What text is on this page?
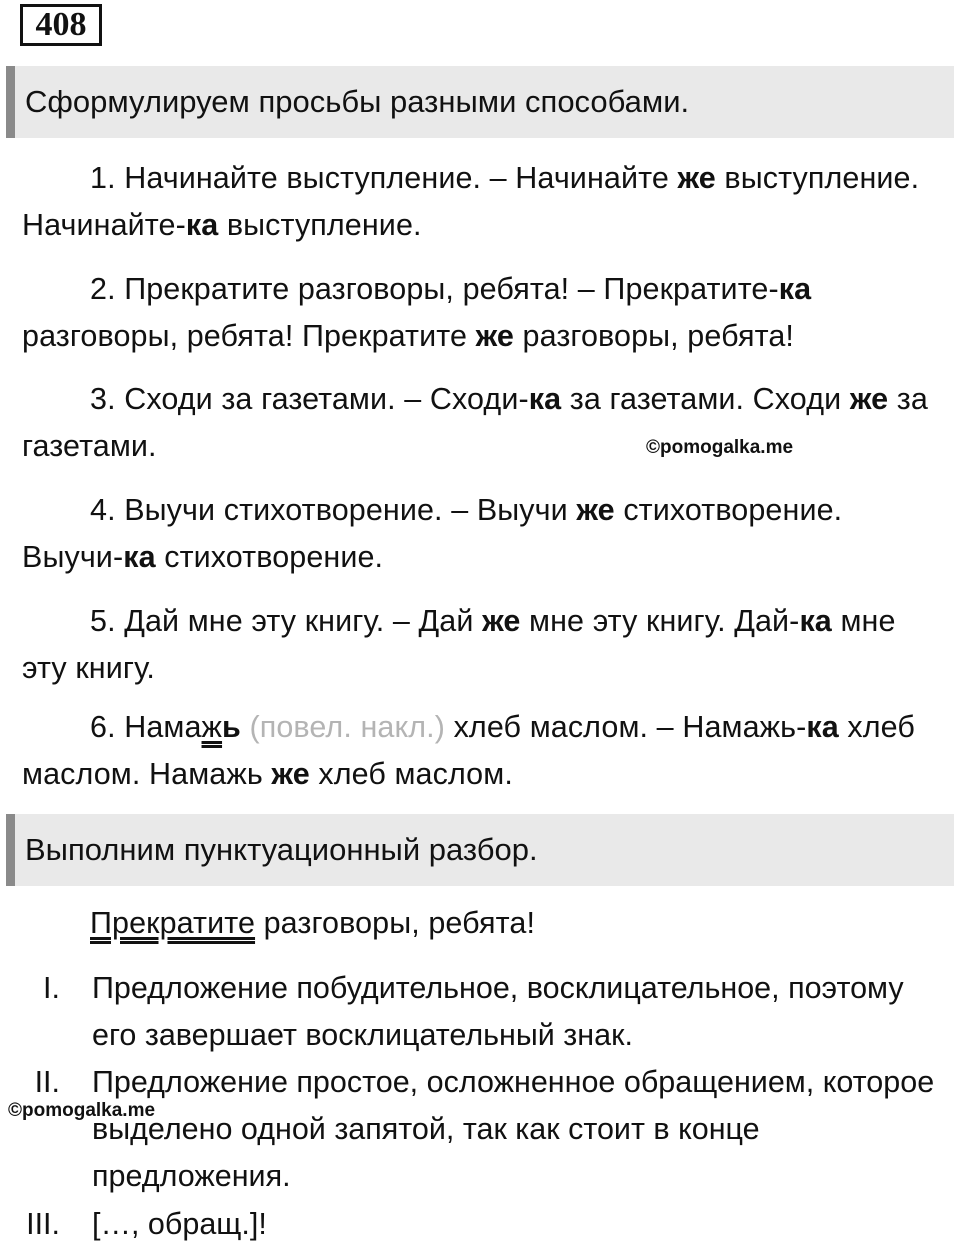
408
Сформулируем просьбы разными способами.
1. Начинайте выступление. – Начинайте же выступление. Начинайте-ка выступление.
2. Прекратите разговоры, ребята! – Прекратите-ка разговоры, ребята! Прекратите же разговоры, ребята!
3. Сходи за газетами. – Сходи-ка за газетами. Сходи же за газетами.	©pomogalka.me
4. Выучи стихотворение. – Выучи же стихотворение. Выучи-ка стихотворение.
5. Дай мне эту книгу. – Дай же мне эту книгу. Дай-ка мне эту книгу.
6. Намажь (повел. накл.) хлеб маслом. – Намажь-ка хлеб маслом. Намажь же хлеб маслом.
Выполним пунктуационный разбор.
Прекратите разговоры, ребята!
I. Предложение побудительное, восклицательное, поэтому его завершает восклицательный знак.
II. Предложение простое, осложненное обращением, которое выделено одной запятой, так как стоит в конце предложения.
©pomogalka.me
III. […, обращ.]!
